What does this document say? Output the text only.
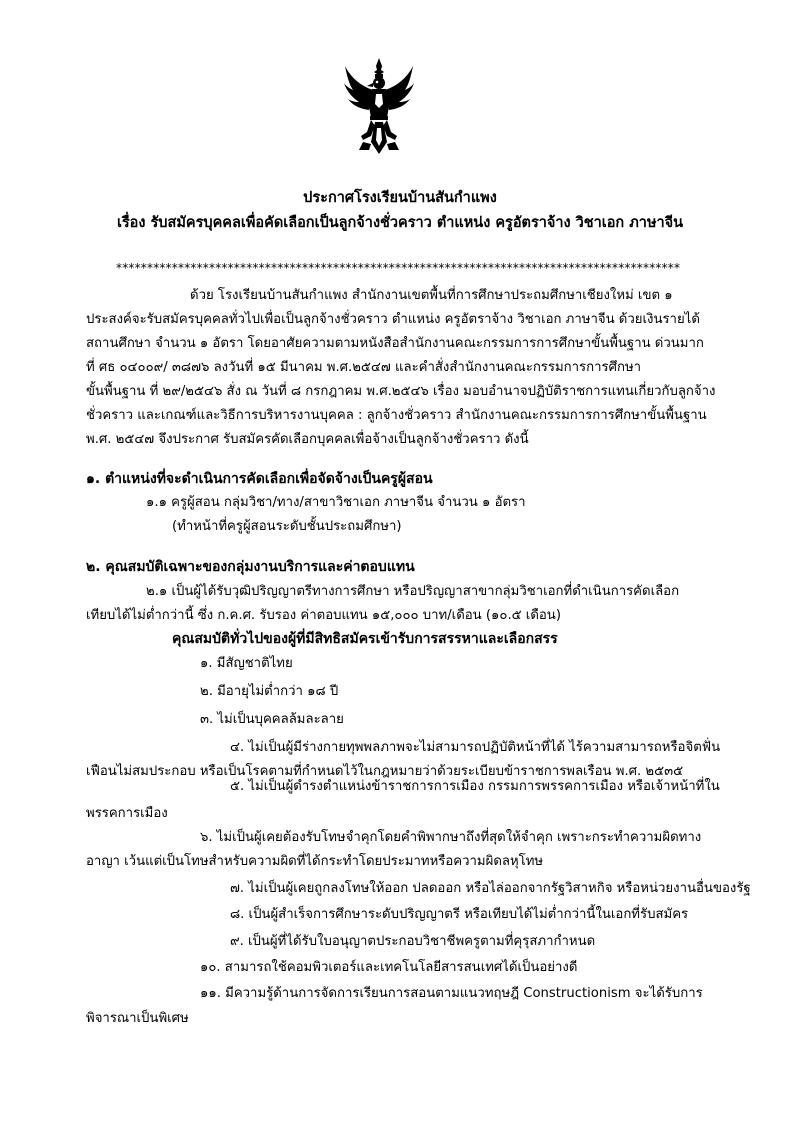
ประกาศโรงเรียนบ้านสันกำแพง
เรื่อง รับสมัครบุคคลเพื่อคัดเลือกเป็นลูกจ้างชั่วคราว ตำแหน่ง ครูอัตราจ้าง วิชาเอก ภาษาจีน
*******************************************************************************************
ด้วย โรงเรียนบ้านสันกำแพง สำนักงานเขตพื้นที่การศึกษาประถมศึกษาเชียงใหม่ เขต ๑
ประสงค์จะรับสมัครบุคคลทั่วไปเพื่อเป็นลูกจ้างชั่วคราว ตำแหน่ง ครูอัตราจ้าง วิชาเอก ภาษาจีน ด้วยเงินรายได้
สถานศึกษา จำนวน ๑ อัตรา โดยอาศัยความตามหนังสือสำนักงานคณะกรรมการการศึกษาขั้นพื้นฐาน ด่วนมาก
ที่ ศธ ๐๔๐๐๙/ ๓๘๗๖ ลงวันที่ ๑๕ มีนาคม พ.ศ.๒๕๔๗ และคำสั่งสำนักงานคณะกรรมการการศึกษา
ขั้นพื้นฐาน ที่ ๒๙/๒๕๔๖ สั่ง ณ วันที่ ๘ กรกฎาคม พ.ศ.๒๕๔๖ เรื่อง มอบอำนาจปฏิบัติราชการแทนเกี่ยวกับลูกจ้าง
ชั่วคราว และเกณฑ์และวิธีการบริหารงานบุคคล : ลูกจ้างชั่วคราว สำนักงานคณะกรรมการการศึกษาขั้นพื้นฐาน
พ.ศ. ๒๕๔๗ จึงประกาศ รับสมัครคัดเลือกบุคคลเพื่อจ้างเป็นลูกจ้างชั่วคราว ดังนี้
๑. ตำแหน่งที่จะดำเนินการคัดเลือกเพื่อจัดจ้างเป็นครูผู้สอน
๑.๑ ครูผู้สอน กลุ่มวิชา/ทาง/สาขาวิชาเอก ภาษาจีน จำนวน ๑ อัตรา
(ทำหน้าที่ครูผู้สอนระดับชั้นประถมศึกษา)
๒. คุณสมบัติเฉพาะของกลุ่มงานบริการและค่าตอบแทน
๒.๑ เป็นผู้ได้รับวุฒิปริญญาตรีทางการศึกษา หรือปริญญาสาขากลุ่มวิชาเอกที่ดำเนินการคัดเลือก
เทียบได้ไม่ต่ำกว่านี้ ซึ่ง ก.ค.ศ. รับรอง ค่าตอบแทน ๑๕,๐๐๐ บาท/เดือน (๑๐.๕ เดือน)
คุณสมบัติทั่วไปของผู้ที่มีสิทธิสมัครเข้ารับการสรรหาและเลือกสรร
๑. มีสัญชาติไทย
๒. มีอายุไม่ต่ำกว่า ๑๘ ปี
๓. ไม่เป็นบุคคลล้มละลาย
๔. ไม่เป็นผู้มีร่างกายทุพพลภาพจะไม่สามารถปฏิบัติหน้าที่ได้ ไร้ความสามารถหรือจิตฟั่น
เฟือนไม่สมประกอบ หรือเป็นโรคตามที่กำหนดไว้ในกฎหมายว่าด้วยระเบียบข้าราชการพลเรือน พ.ศ. ๒๕๓๕
๕. ไม่เป็นผู้ดำรงตำแหน่งข้าราชการการเมือง กรรมการพรรคการเมือง หรือเจ้าหน้าที่ใน
พรรคการเมือง
๖. ไม่เป็นผู้เคยต้องรับโทษจำคุกโดยคำพิพากษาถึงที่สุดให้จำคุก เพราะกระทำความผิดทาง
อาญา เว้นแต่เป็นโทษสำหรับความผิดที่ได้กระทำโดยประมาทหรือความผิดลหุโทษ
๗. ไม่เป็นผู้เคยถูกลงโทษให้ออก ปลดออก หรือไล่ออกจากรัฐวิสาหกิจ หรือหน่วยงานอื่นของรัฐ
๘. เป็นผู้สำเร็จการศึกษาระดับปริญญาตรี หรือเทียบได้ไม่ต่ำกว่านี้ในเอกที่รับสมัคร
๙. เป็นผู้ที่ได้รับใบอนุญาตประกอบวิชาชีพครูตามที่คุรุสภากำหนด
๑๐. สามารถใช้คอมพิวเตอร์และเทคโนโลยีสารสนเทศได้เป็นอย่างดี
๑๑. มีความรู้ด้านการจัดการเรียนการสอนตามแนวทฤษฎี Constructionism จะได้รับการ
พิจารณาเป็นพิเศษ
